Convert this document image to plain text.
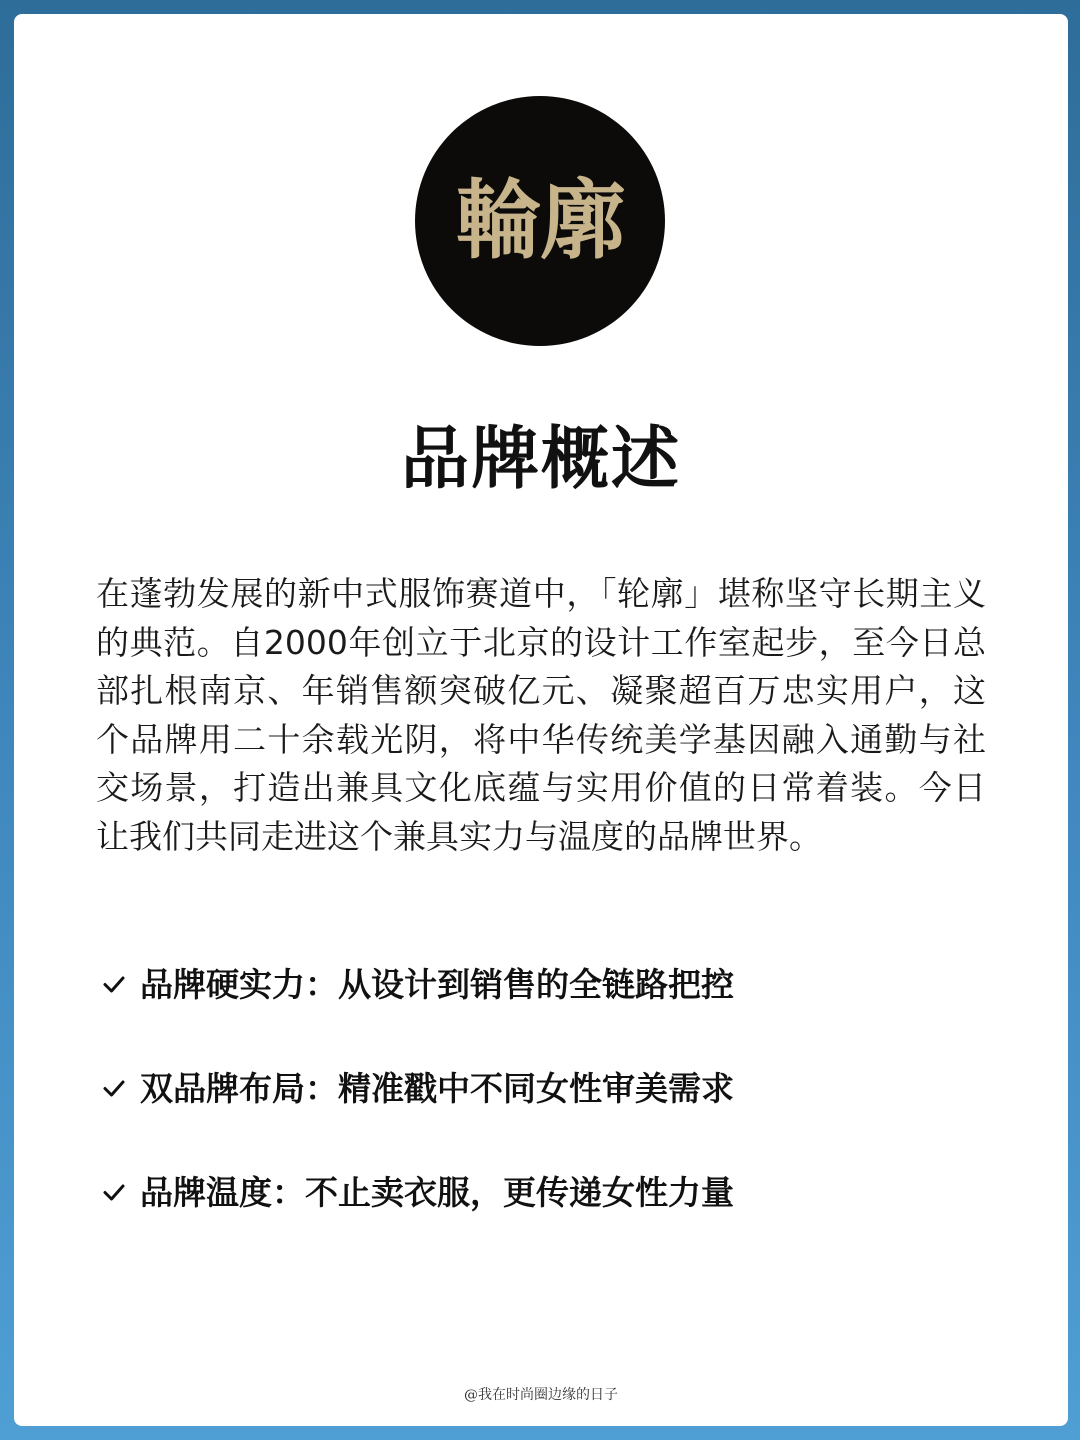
輪廓
品牌概述

在蓬勃发展的新中式服饰赛道中，「轮廓」堪称坚守长期主义的典范。自2000年创立于北京的设计工作室起步，至今日总部扎根南京、年销售额突破亿元、凝聚超百万忠实用户，这个品牌用二十余载光阴，将中华传统美学基因融入通勤与社交场景，打造出兼具文化底蕴与实用价值的日常着装。今日让我们共同走进这个兼具实力与温度的品牌世界。

品牌硬实力：从设计到销售的全链路把控
双品牌布局：精准戳中不同女性审美需求
品牌温度：不止卖衣服，更传递女性力量
@我在时尚圈边缘的日子
